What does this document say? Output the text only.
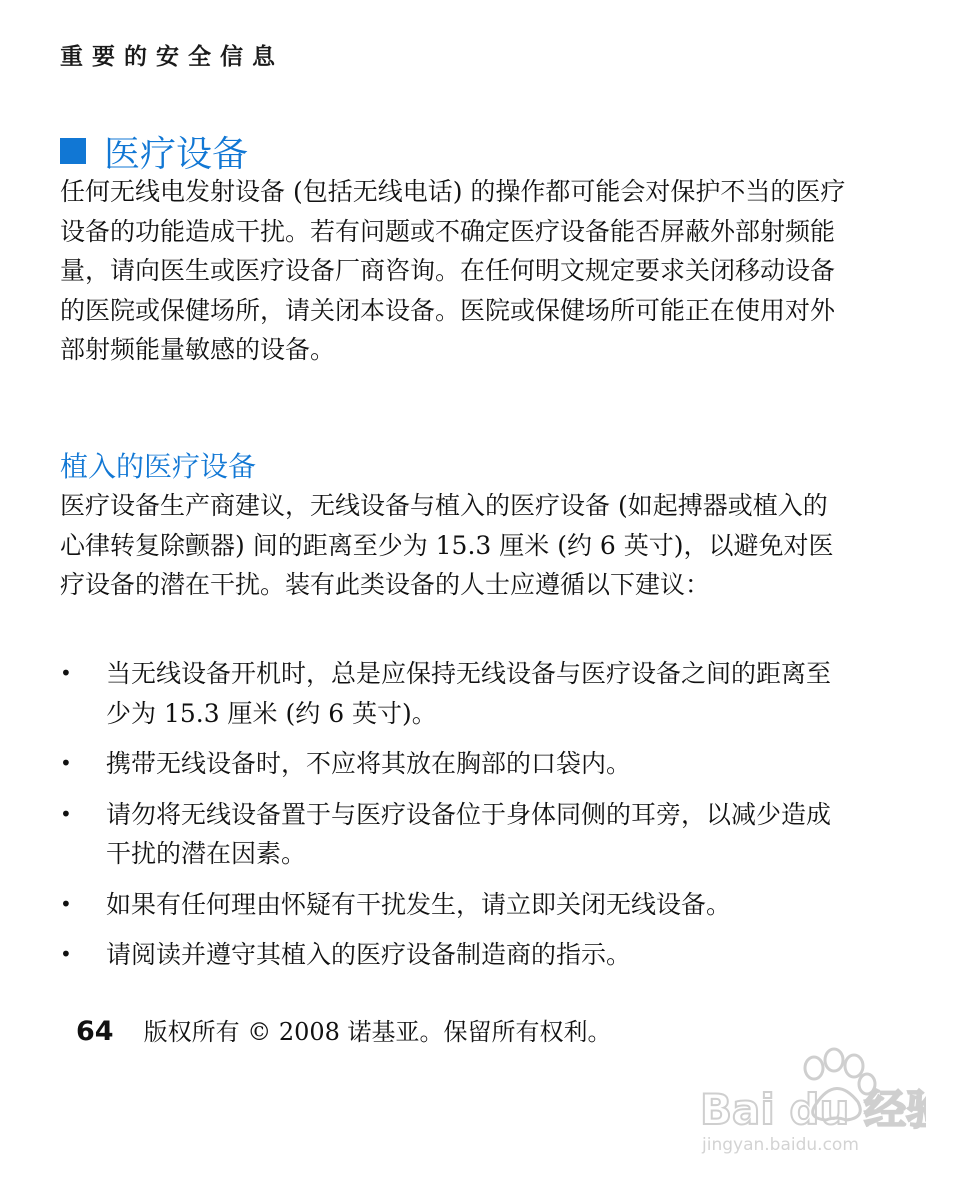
重要的安全信息
医疗设备

任何无线电发射设备 (包括无线电话) 的操作都可能会对保护不当的医疗设备的功能造成干扰。若有问题或不确定医疗设备能否屏蔽外部射频能量，请向医生或医疗设备厂商咨询。在任何明文规定要求关闭移动设备的医院或保健场所，请关闭本设备。医院或保健场所可能正在使用对外部射频能量敏感的设备。

植入的医疗设备

医疗设备生产商建议，无线设备与植入的医疗设备 (如起搏器或植入的心律转复除颤器) 间的距离至少为 15.3 厘米 (约 6 英寸)，以避免对医疗设备的潜在干扰。装有此类设备的人士应遵循以下建议：

• 当无线设备开机时，总是应保持无线设备与医疗设备之间的距离至少为 15.3 厘米 (约 6 英寸)。
• 携带无线设备时，不应将其放在胸部的口袋内。
• 请勿将无线设备置于与医疗设备位于身体同侧的耳旁，以减少造成干扰的潜在因素。
• 如果有任何理由怀疑有干扰发生，请立即关闭无线设备。
• 请阅读并遵守其植入的医疗设备制造商的指示。
64 版权所有 © 2008 诺基亚。保留所有权利。
Bai du 经验
jingyan.baidu.com
